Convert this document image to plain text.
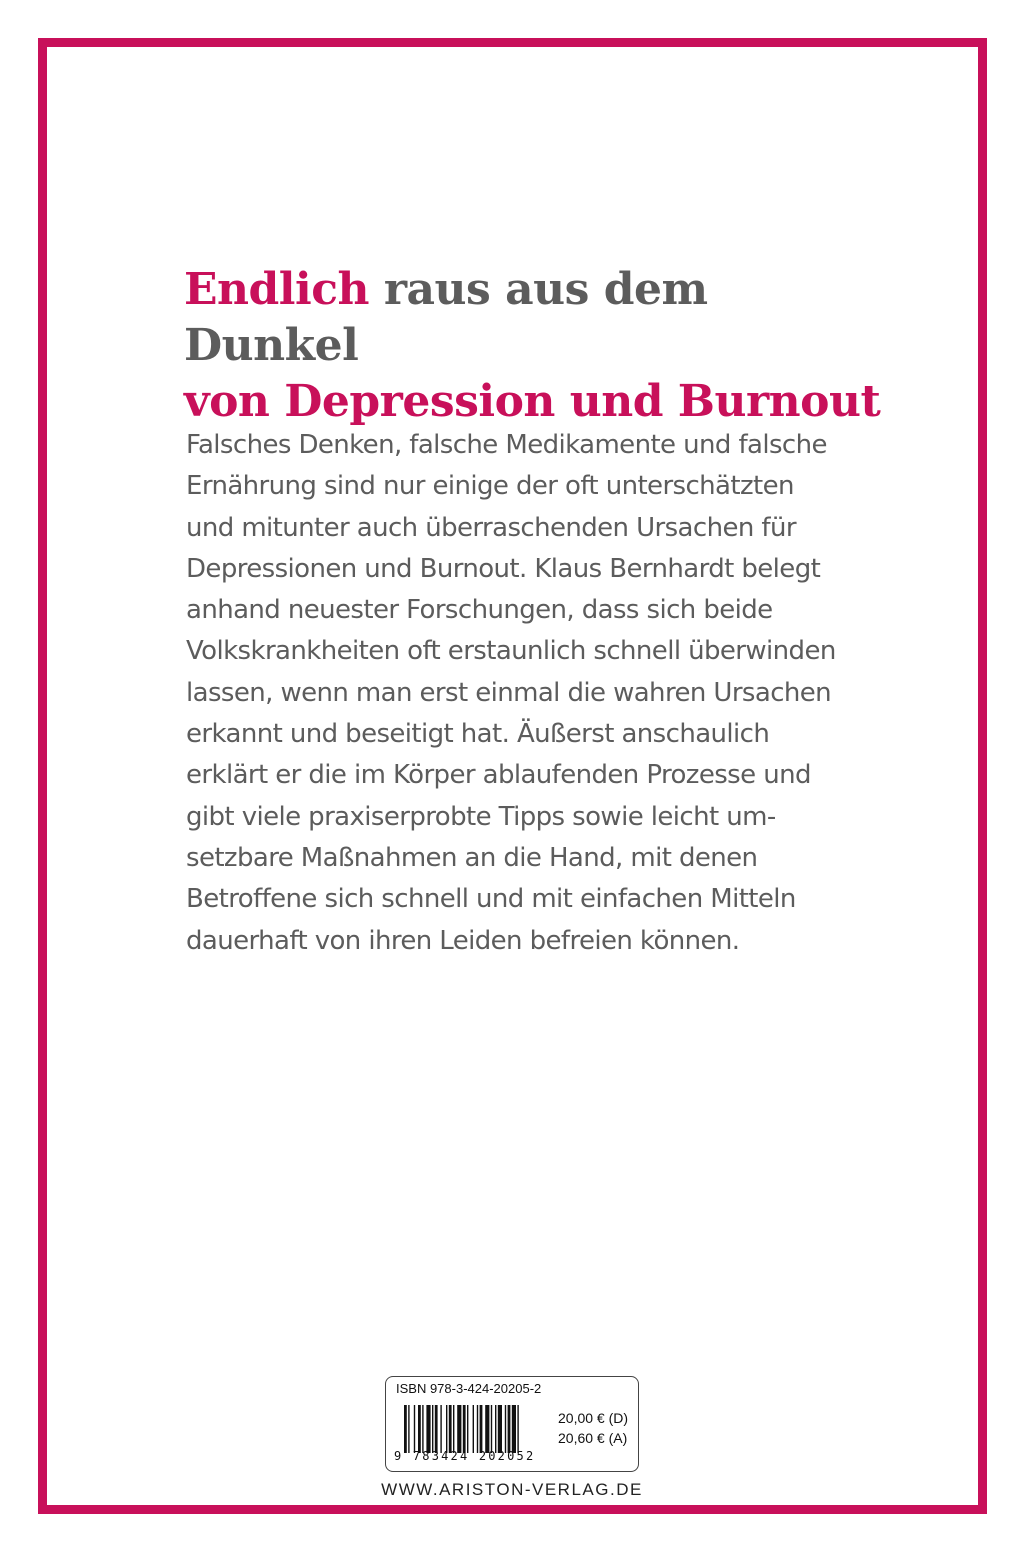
Endlich raus aus dem Dunkel
von Depression und Burnout

Falsches Denken, falsche Medikamente und falsche
Ernährung sind nur einige der oft unterschätzten
und mitunter auch überraschenden Ursachen für
Depressionen und Burnout. Klaus Bernhardt belegt
anhand neuester Forschungen, dass sich beide
Volkskrankheiten oft erstaunlich schnell überwinden
lassen, wenn man erst einmal die wahren Ursachen
erkannt und beseitigt hat. Äußerst anschaulich
erklärt er die im Körper ablaufenden Prozesse und
gibt viele praxiserprobte Tipps sowie leicht um-
setzbare Maßnahmen an die Hand, mit denen
Betroffene sich schnell und mit einfachen Mitteln
dauerhaft von ihren Leiden befreien können.

ISBN 978-3-424-20205-2
9 783424 202052
20,00 € (D)
20,60 € (A)
WWW.ARISTON-VERLAG.DE
